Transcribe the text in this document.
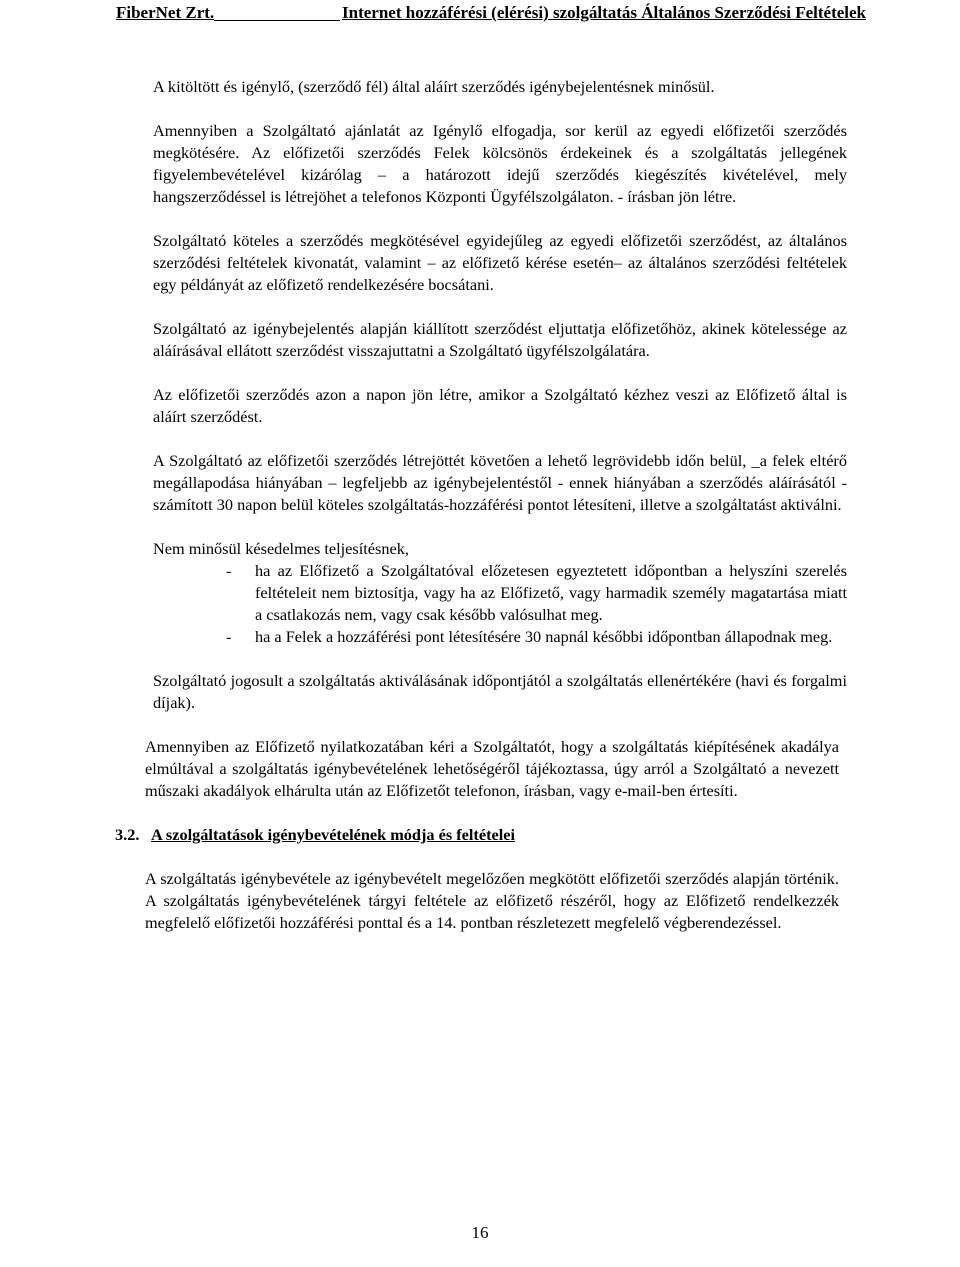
FiberNet Zrt.	Internet hozzáférési (elérési) szolgáltatás Általános Szerződési Feltételek

A kitöltött és igénylő, (szerződő fél) által aláírt szerződés igénybejelentésnek minősül.

Amennyiben a Szolgáltató ajánlatát az Igénylő elfogadja, sor kerül az egyedi előfizetői szerződés megkötésére. Az előfizetői szerződés Felek kölcsönös érdekeinek és a szolgáltatás jellegének figyelembevételével kizárólag – a határozott idejű szerződés kiegészítés kivételével, mely hangszerződéssel is létrejöhet a telefonos Központi Ügyfélszolgálaton. - írásban jön létre.

Szolgáltató köteles a szerződés megkötésével egyidejűleg az egyedi előfizetői szerződést, az általános szerződési feltételek kivonatát, valamint – az előfizető kérése esetén– az általános szerződési feltételek egy példányát az előfizető rendelkezésére bocsátani.

Szolgáltató az igénybejelentés alapján kiállított szerződést eljuttatja előfizetőhöz, akinek kötelessége az aláírásával ellátott szerződést visszajuttatni a Szolgáltató ügyfélszolgálatára.

Az előfizetői szerződés azon a napon jön létre, amikor a Szolgáltató kézhez veszi az Előfizető által is aláírt szerződést.

A Szolgáltató az előfizetői szerződés létrejöttét követően a lehető legrövidebb időn belül, _a felek eltérő megállapodása hiányában – legfeljebb az igénybejelentéstől - ennek hiányában a szerződés aláírásától - számított 30 napon belül köteles szolgáltatás-hozzáférési pontot létesíteni, illetve a szolgáltatást aktiválni.

Nem minősül késedelmes teljesítésnek,

- ha az Előfizető a Szolgáltatóval előzetesen egyeztetett időpontban a helyszíni szerelés feltételeit nem biztosítja, vagy ha az Előfizető, vagy harmadik személy magatartása miatt a csatlakozás nem, vagy csak később valósulhat meg.
- ha a Felek a hozzáférési pont létesítésére 30 napnál későbbi időpontban állapodnak meg.

Szolgáltató jogosult a szolgáltatás aktiválásának időpontjától a szolgáltatás ellenértékére (havi és forgalmi díjak).

Amennyiben az Előfizető nyilatkozatában kéri a Szolgáltatót, hogy a szolgáltatás kiépítésének akadálya elmúltával a szolgáltatás igénybevételének lehetőségéről tájékoztassa, úgy arról a Szolgáltató a nevezett műszaki akadályok elhárulta után az Előfizetőt telefonon, írásban, vagy e-mail-ben értesíti.

3.2. A szolgáltatások igénybevételének módja és feltételei

A szolgáltatás igénybevétele az igénybevételt megelőzően megkötött előfizetői szerződés alapján történik. A szolgáltatás igénybevételének tárgyi feltétele az előfizető részéről, hogy az Előfizető rendelkezzék megfelelő előfizetői hozzáférési ponttal és a 14. pontban részletezett megfelelő végberendezéssel.

16
